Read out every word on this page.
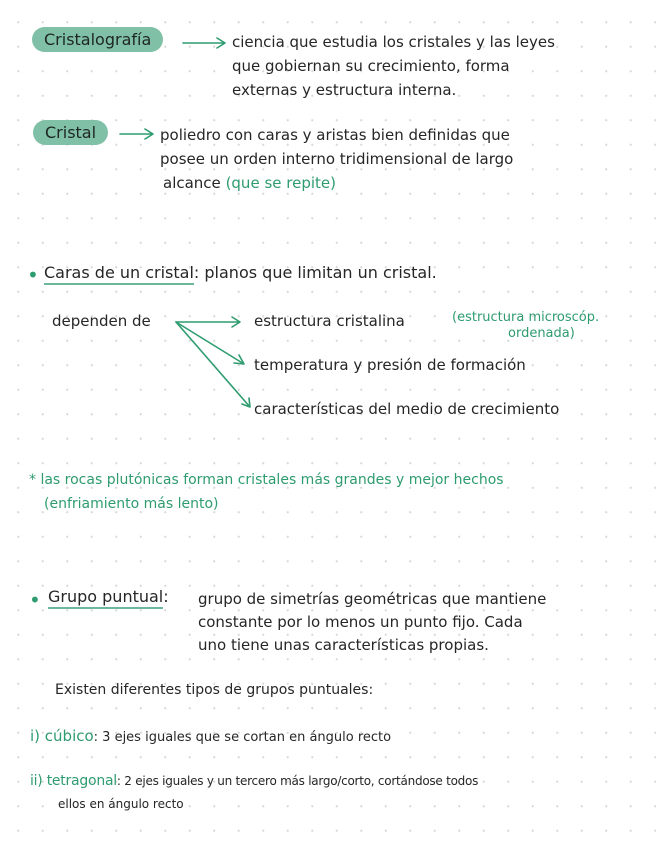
Cristalografía	ciencia que estudia los cristales y las leyes
que gobiernan su crecimiento, forma
externas y estructura interna.
Cristal	poliedro con caras y aristas bien definidas que
posee un orden interno tridimensional de largo
alcance (que se repite)
• Caras de un cristal: planos que limitan un cristal.
dependen de	estructura cristalina	(estructura microscóp.
ordenada)
temperatura y presión de formación
características del medio de crecimiento
* las rocas plutónicas forman cristales más grandes y mejor hechos
(enfriamiento más lento)
• Grupo puntual: grupo de simetrías geométricas que mantiene
constante por lo menos un punto fijo. Cada
uno tiene unas características propias.
Existen diferentes tipos de grupos puntuales:
i) cúbico: 3 ejes iguales que se cortan en ángulo recto
ii) tetragonal: 2 ejes iguales y un tercero más largo/corto, cortándose todos
ellos en ángulo recto
